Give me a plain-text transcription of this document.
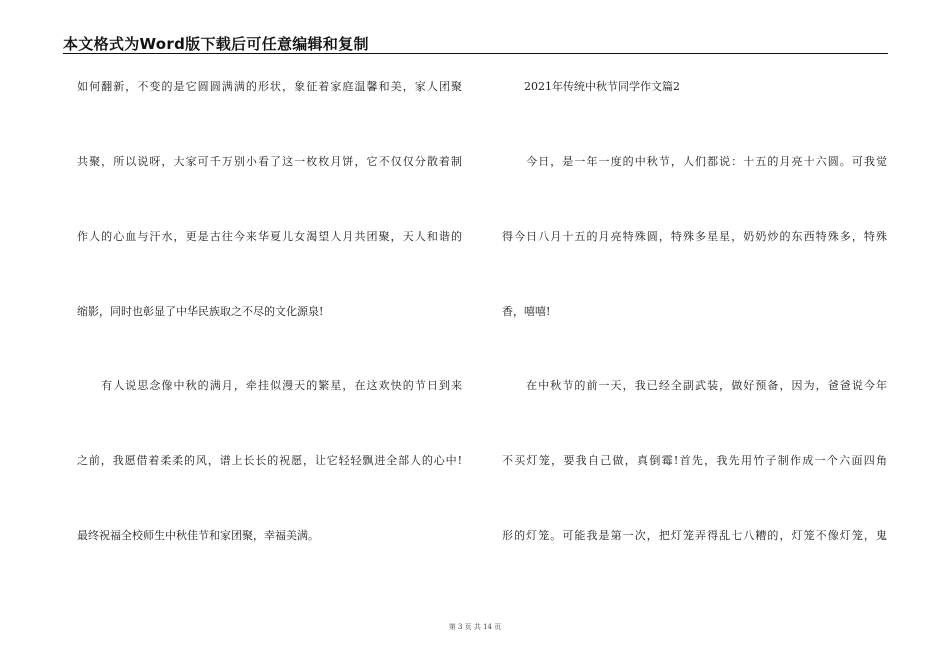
本文格式为Word版下载后可任意编辑和复制
如何翻新，不变的是它圆圆满满的形状，象征着家庭温馨和美，家人团聚
共聚，所以说呀，大家可千万别小看了这一枚枚月饼，它不仅仅分散着制
作人的心血与汗水，更是古往今来华夏儿女渴望人月共团聚，天人和谐的
缩影，同时也彰显了中华民族取之不尽的文化源泉!
　　有人说思念像中秋的满月，牵挂似漫天的繁星，在这欢快的节日到来
之前，我愿借着柔柔的风，谱上长长的祝愿，让它轻轻飘进全部人的心中!
最终祝福全校师生中秋佳节和家团聚，幸福美满。
　　2021年传统中秋节同学作文篇2
　　今日，是一年一度的中秋节，人们都说：十五的月亮十六圆。可我觉
得今日八月十五的月亮特殊圆，特殊多星星，奶奶炒的东西特殊多，特殊
香，嘻嘻!
　　在中秋节的前一天，我已经全副武装，做好预备，因为，爸爸说今年
不买灯笼，要我自己做，真倒霉!首先，我先用竹子制作成一个六面四角
形的灯笼。可能我是第一次，把灯笼弄得乱七八糟的，灯笼不像灯笼，鬼
第 3 页 共 14 页
